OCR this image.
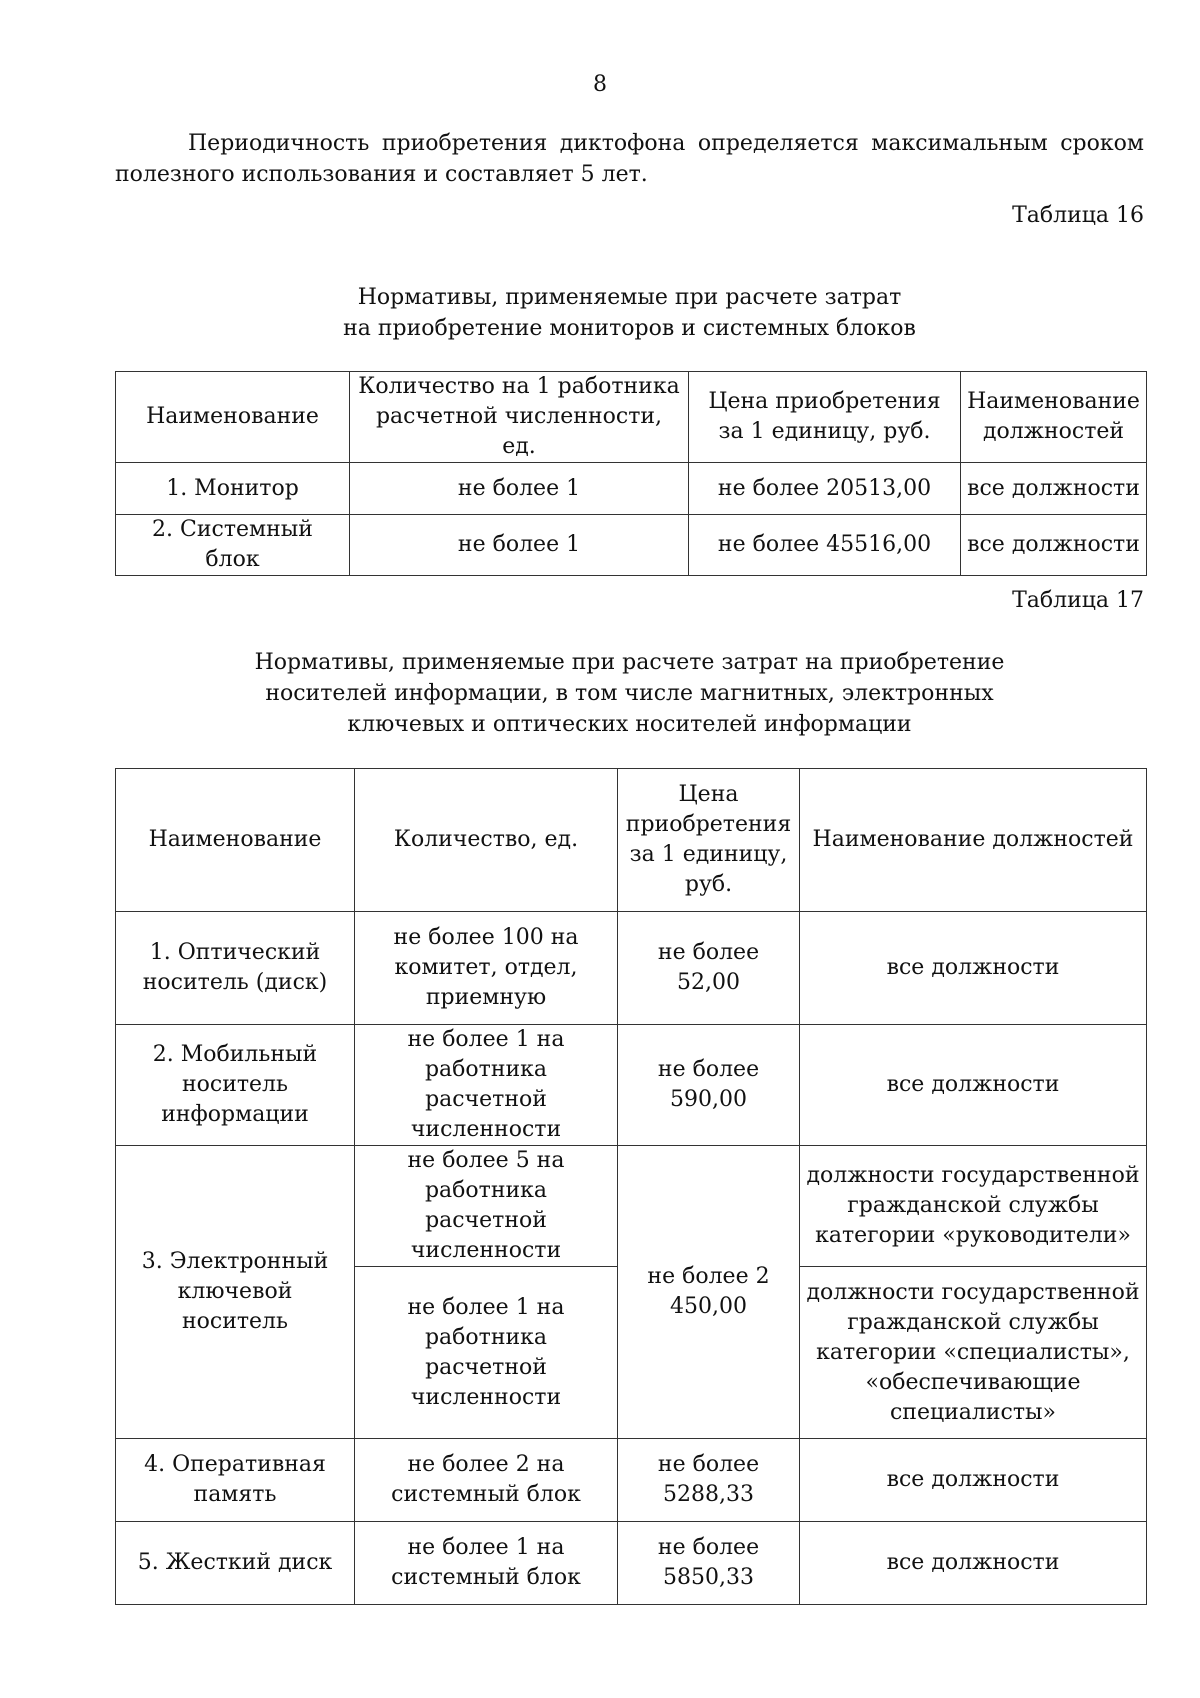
8

Периодичность приобретения диктофона определяется максимальным сроком полезного использования и составляет 5 лет.

Таблица 16
Нормативы, применяемые при расчете затрат
на приобретение мониторов и системных блоков
Наименование	Количество на 1 работника расчетной численности, ед.	Цена приобретения за 1 единицу, руб.	Наименование должностей
1. Монитор	не более 1	не более 20513,00	все должности
2. Системный блок	не более 1	не более 45516,00	все должности
Таблица 17
Нормативы, применяемые при расчете затрат на приобретение
носителей информации, в том числе магнитных, электронных
ключевых и оптических носителей информации
Наименование	Количество, ед.	Цена приобретения за 1 единицу, руб.	Наименование должностей
1. Оптический носитель (диск)	не более 100 на комитет, отдел, приемную	не более 52,00	все должности
2. Мобильный носитель информации	не более 1 на работника расчетной численности	не более 590,00	все должности
3. Электронный ключевой носитель	не более 5 на работника расчетной численности	не более 2 450,00	должности государственной гражданской службы категории «руководители»
	не более 1 на работника расчетной численности		должности государственной гражданской службы категории «специалисты», «обеспечивающие специалисты»
4. Оперативная память	не более 2 на системный блок	не более 5288,33	все должности
5. Жесткий диск	не более 1 на системный блок	не более 5850,33	все должности
